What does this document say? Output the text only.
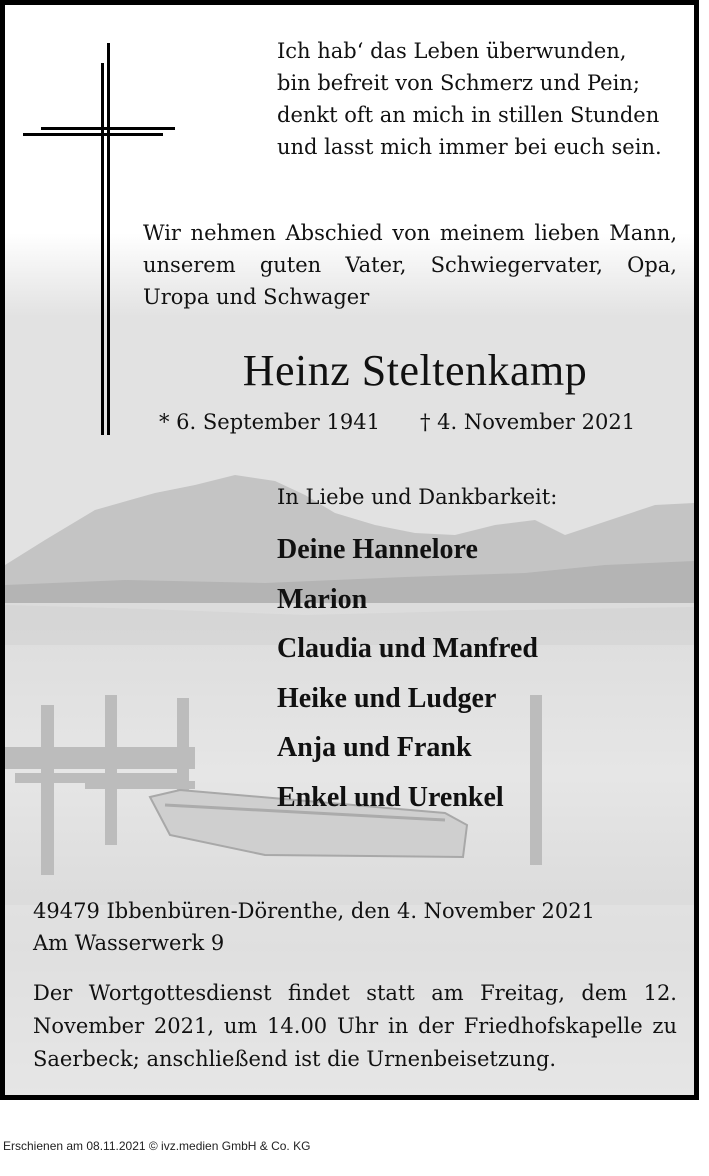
Ich hab‘ das Leben überwunden,
bin befreit von Schmerz und Pein;
denkt oft an mich in stillen Stunden
und lasst mich immer bei euch sein.

Wir nehmen Abschied von meinem lieben Mann, unserem guten Vater, Schwiegervater, Opa, Uropa und Schwager

Heinz Steltenkamp
* 6. September 1941 † 4. November 2021
In Liebe und Dankbarkeit:
Deine Hannelore
Marion
Claudia und Manfred
Heike und Ludger
Anja und Frank
Enkel und Urenkel
49479 Ibbenbüren-Dörenthe, den 4. November 2021
Am Wasserwerk 9

Der Wortgottesdienst findet statt am Freitag, dem 12. November 2021, um 14.00 Uhr in der Friedhofskapelle zu Saerbeck; anschließend ist die Urnenbeisetzung.

Erschienen am 08.11.2021 © ivz.medien GmbH & Co. KG
